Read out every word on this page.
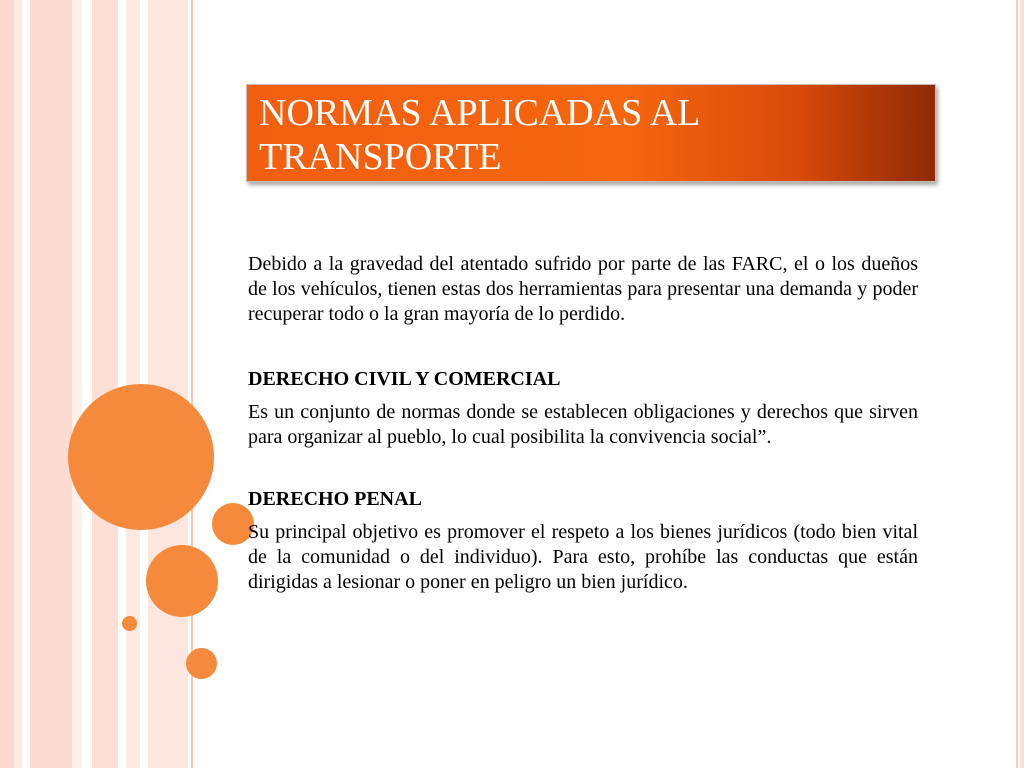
NORMAS APLICADAS AL TRANSPORTE

Debido a la gravedad del atentado sufrido por parte de las FARC, el o los dueños de los vehículos, tienen estas dos herramientas para presentar una demanda y poder recuperar todo o la gran mayoría de lo perdido.

DERECHO CIVIL Y COMERCIAL

Es un conjunto de normas donde se establecen obligaciones y derechos que sirven para organizar al pueblo, lo cual posibilita la convivencia social”.

DERECHO PENAL

Su principal objetivo es promover el respeto a los bienes jurídicos (todo bien vital de la comunidad o del individuo). Para esto, prohíbe las conductas que están dirigidas a lesionar o poner en peligro un bien jurídico.
